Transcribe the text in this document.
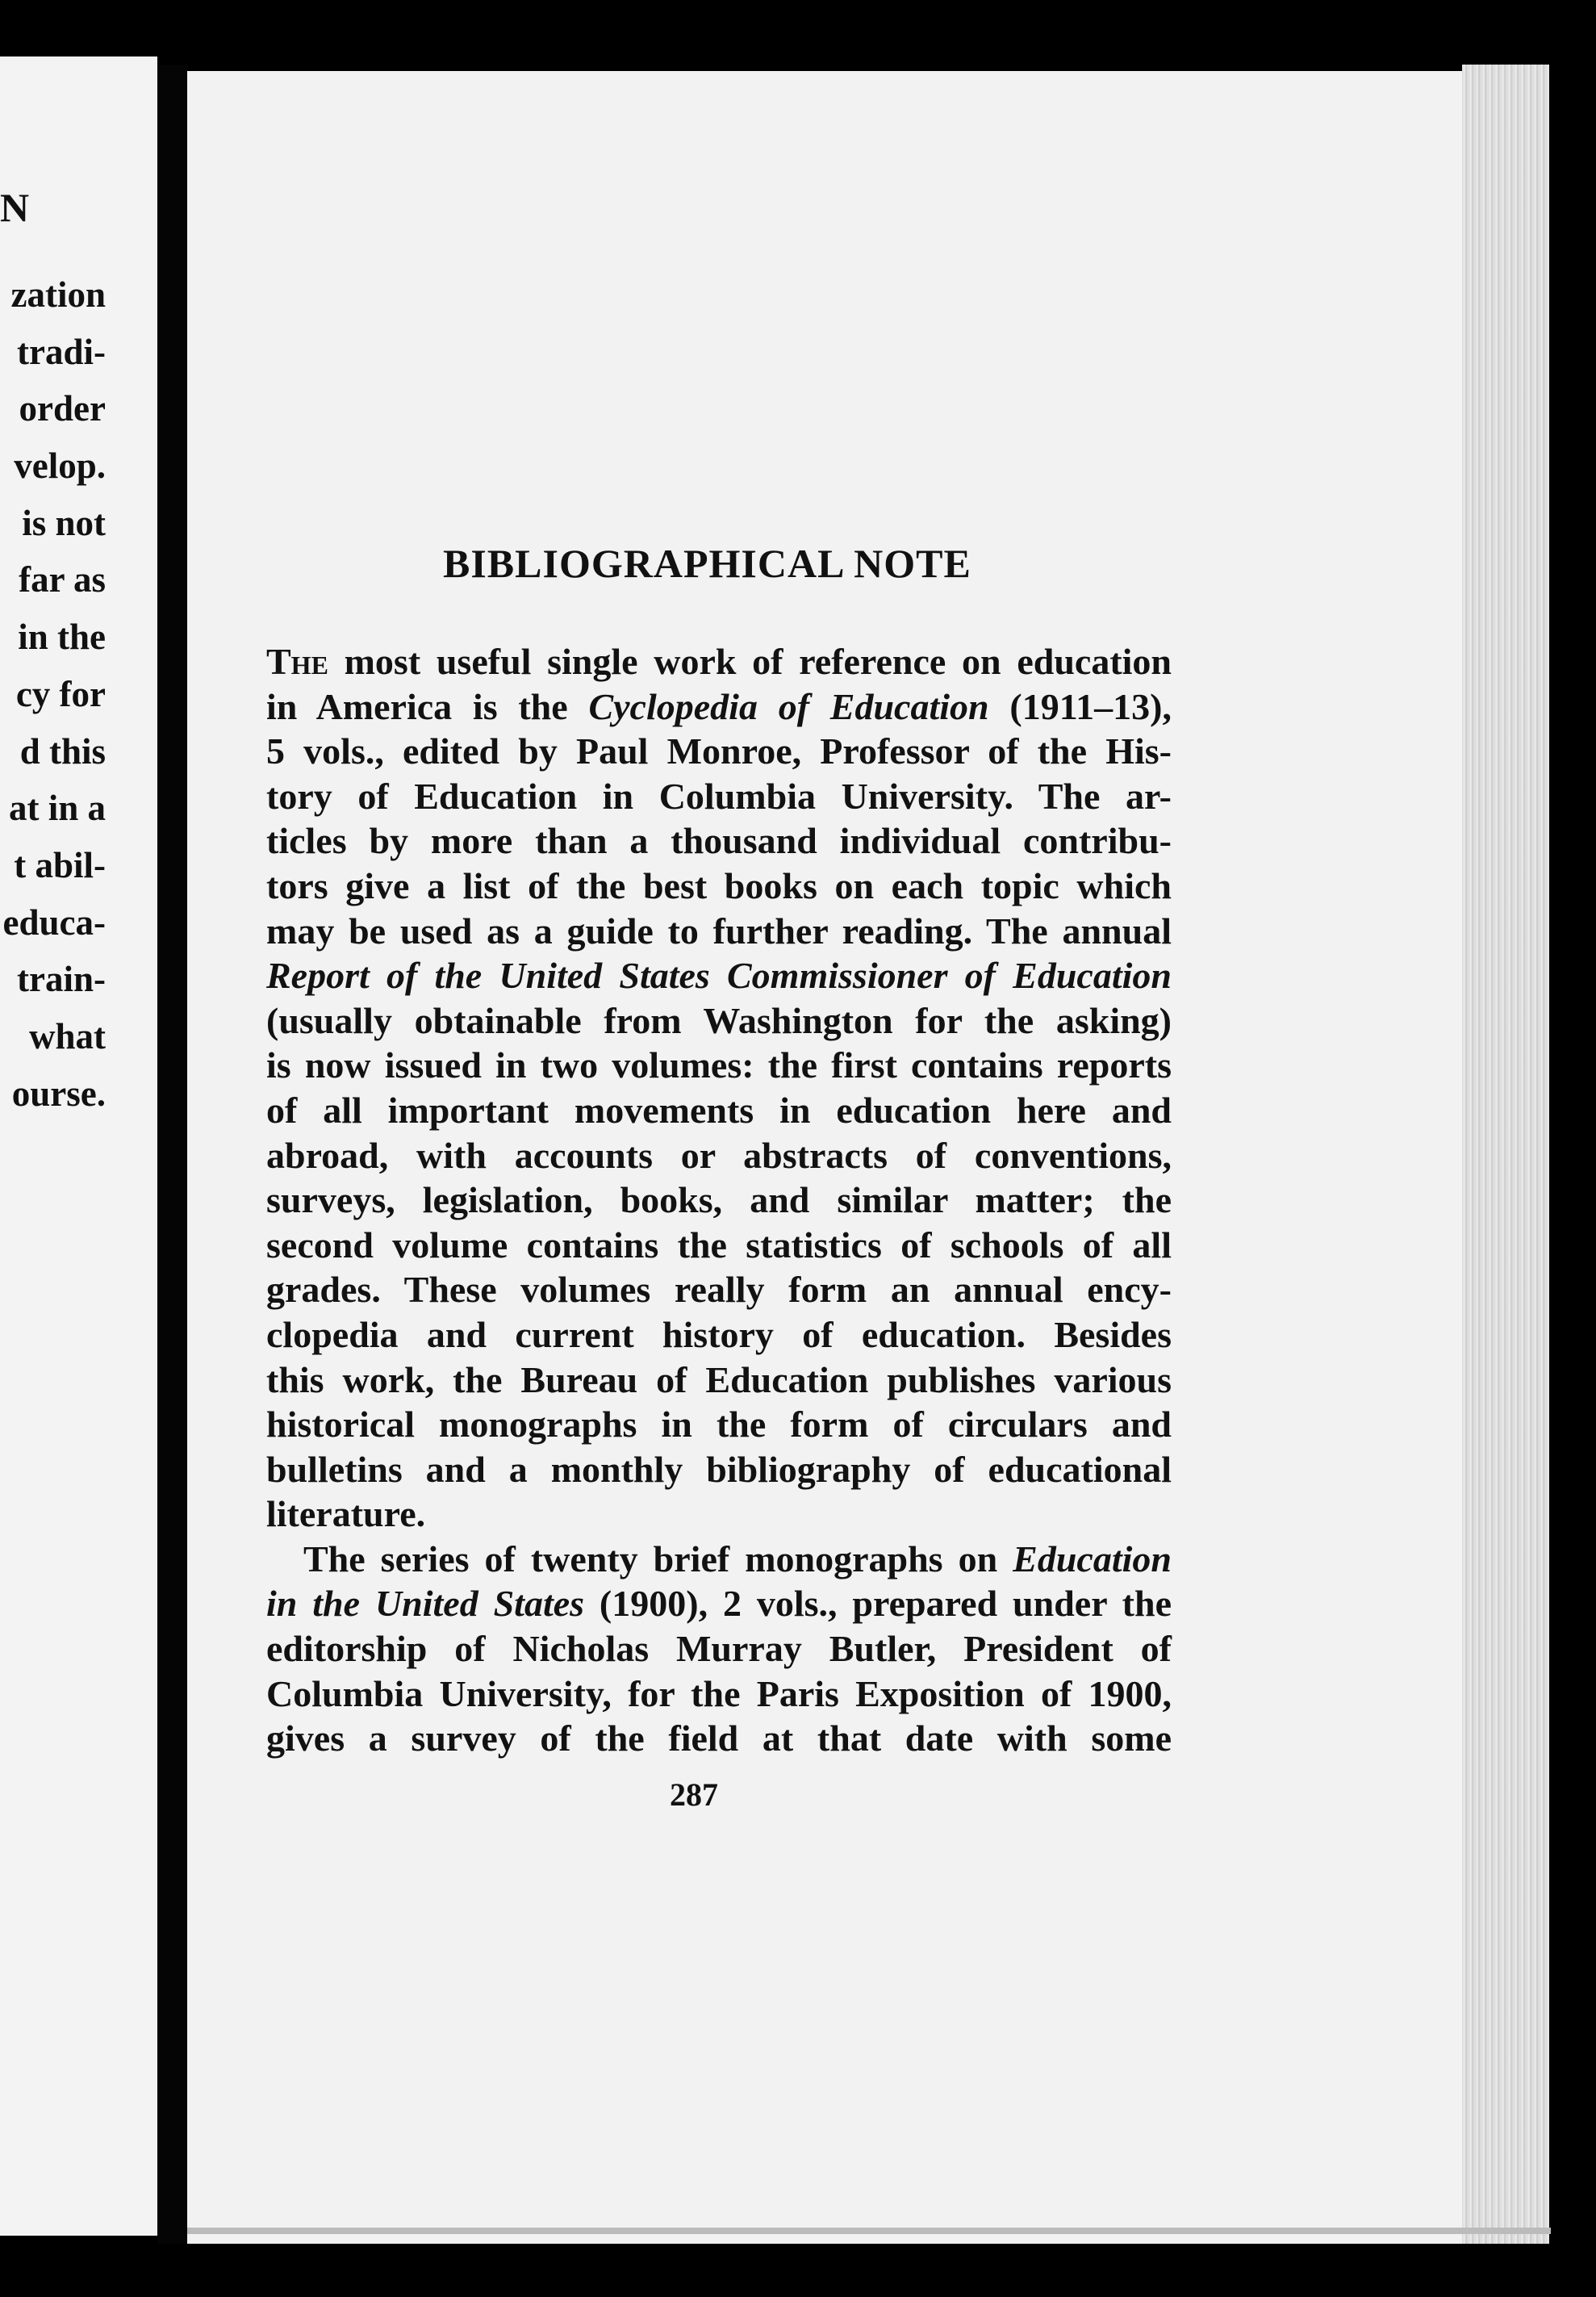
N
zation
tradi-
order
velop.
is not
far as
in the
cy for
d this
at in a
t abil-
educa-
train-
what
ourse.
BIBLIOGRAPHICAL NOTE
The most useful single work of reference on education
in America is the Cyclopedia of Education (1911–13),
5 vols., edited by Paul Monroe, Professor of the His-
tory of Education in Columbia University. The ar-
ticles by more than a thousand individual contribu-
tors give a list of the best books on each topic which
may be used as a guide to further reading. The annual
Report of the United States Commissioner of Education
(usually obtainable from Washington for the asking)
is now issued in two volumes: the first contains reports
of all important movements in education here and
abroad, with accounts or abstracts of conventions,
surveys, legislation, books, and similar matter; the
second volume contains the statistics of schools of all
grades. These volumes really form an annual ency-
clopedia and current history of education. Besides
this work, the Bureau of Education publishes various
historical monographs in the form of circulars and
bulletins and a monthly bibliography of educational
literature.
The series of twenty brief monographs on Education
in the United States (1900), 2 vols., prepared under the
editorship of Nicholas Murray Butler, President of
Columbia University, for the Paris Exposition of 1900,
gives a survey of the field at that date with some
287
